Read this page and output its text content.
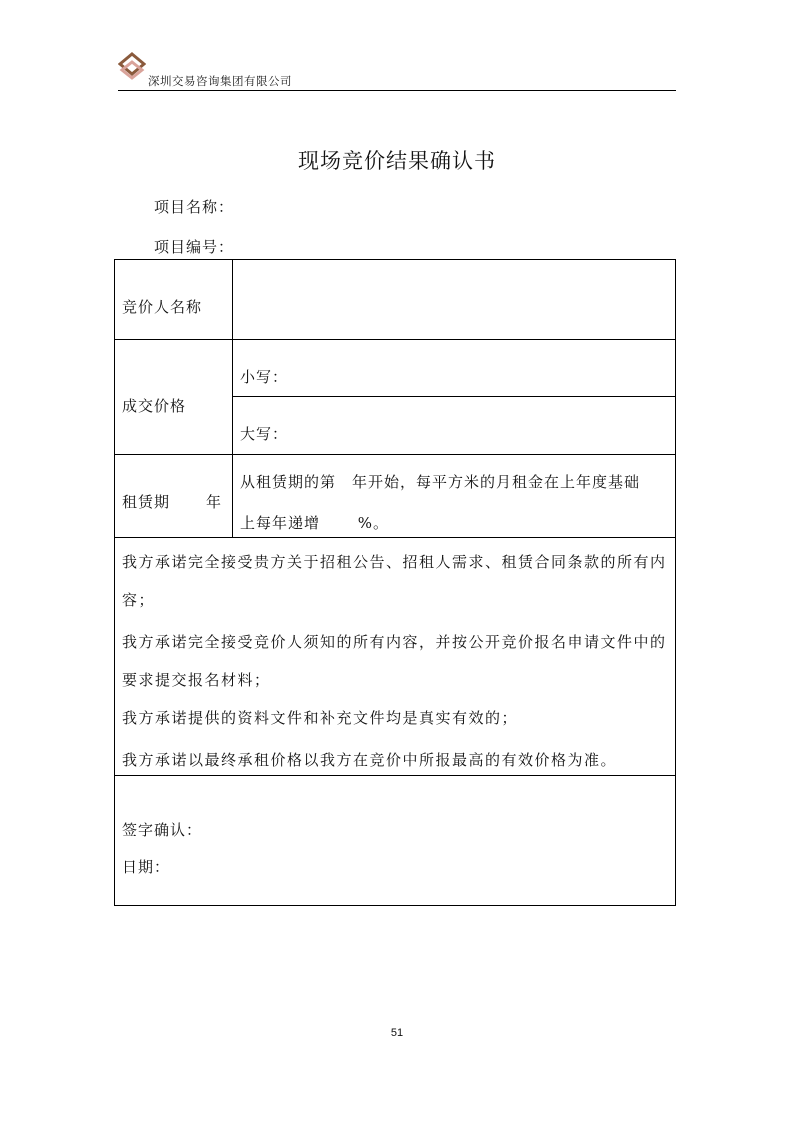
深圳交易咨询集团有限公司
现场竞价结果确认书
项目名称：
项目编号：
竞价人名称
成交价格
小写：
大写：
租赁期 年
从租赁期的第　年开始，每平方米的月租金在上年度基础
上每年递增　　 %。
我方承诺完全接受贵方关于招租公告、招租人需求、租赁合同条款的所有内容；
我方承诺完全接受竞价人须知的所有内容，并按公开竞价报名申请文件中的要求提交报名材料；
我方承诺提供的资料文件和补充文件均是真实有效的；
我方承诺以最终承租价格以我方在竞价中所报最高的有效价格为准。
签字确认：
日期：
51
